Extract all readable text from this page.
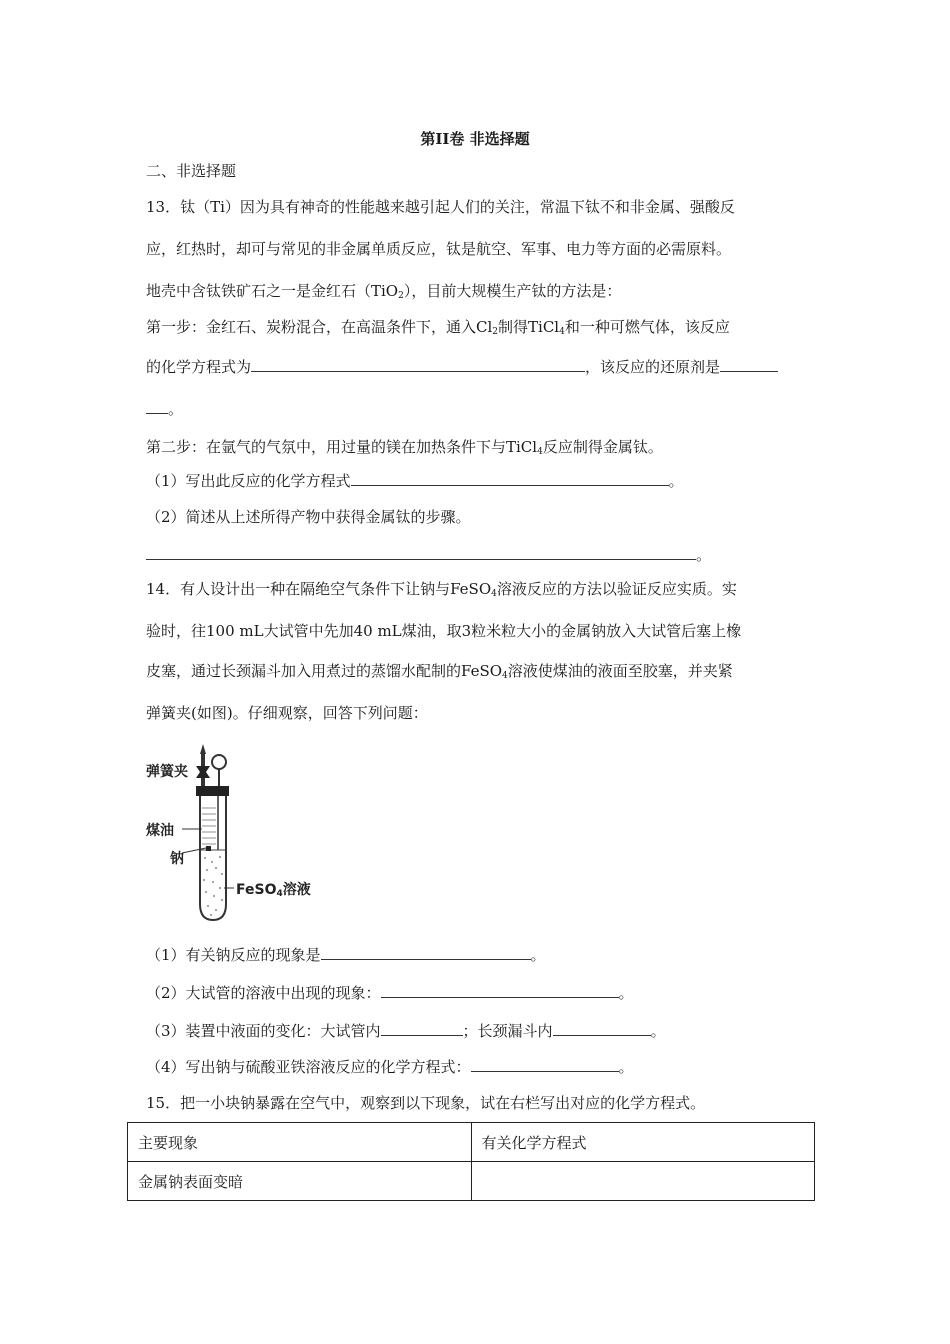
第II卷 非选择题
二、非选择题
13．钛（Ti）因为具有神奇的性能越来越引起人们的关注，常温下钛不和非金属、强酸反
应，红热时，却可与常见的非金属单质反应，钛是航空、军事、电力等方面的必需原料。
地壳中含钛铁矿石之一是金红石（TiO$_2$），目前大规模生产钛的方法是：
第一步：金红石、炭粉混合，在高温条件下，通入$Cl_2$制得TiCl$_4$和一种可燃气体，该反应
的化学方程式为	，该反应的还原剂是
。
第二步：在氩气的气氛中，用过量的镁在加热条件下与TiCl$_4$反应制得金属钛。
（1）写出此反应的化学方程式	。
（2）简述从上述所得产物中获得金属钛的步骤。
。
14．有人设计出一种在隔绝空气条件下让钠与FeSO$_4$溶液反应的方法以验证反应实质。实
验时，往100 mL大试管中先加40 mL煤油，取3粒米粒大小的金属钠放入大试管后塞上橡
皮塞，通过长颈漏斗加入用煮过的蒸馏水配制的FeSO$_4$溶液使煤油的液面至胶塞，并夹紧
弹簧夹(如图)。仔细观察，回答下列问题：
弹簧夹
煤油
钠
FeSO$_4$溶液
（1）有关钠反应的现象是	。
（2）大试管的溶液中出现的现象：	。
（3）装置中液面的变化：大试管内	；长颈漏斗内	。
（4）写出钠与硫酸亚铁溶液反应的化学方程式：	。
15．把一小块钠暴露在空气中，观察到以下现象，试在右栏写出对应的化学方程式。
主要现象	有关化学方程式
金属钠表面变暗	
